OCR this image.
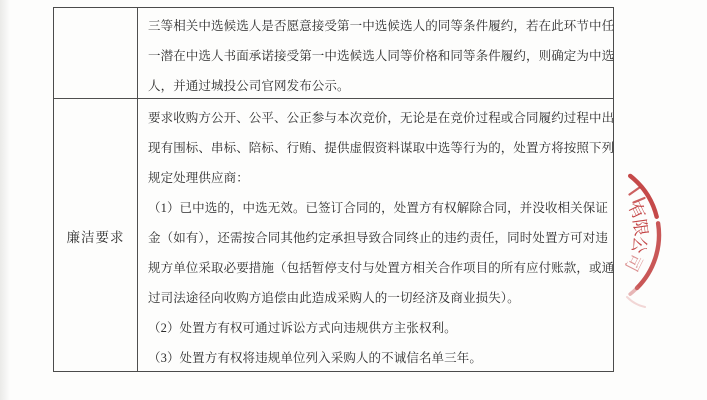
三等相关中选候选人是否愿意接受第一中选候选人的同等条件履约，若在此环节中任
一潜在中选人书面承诺接受第一中选候选人同等价格和同等条件履约，则确定为中选
人，并通过城投公司官网发布公示。
廉洁要求
要求收购方公开、公平、公正参与本次竞价，无论是在竞价过程或合同履约过程中出
现有围标、串标、陪标、行贿、提供虚假资料谋取中选等行为的，处置方将按照下列
规定处理供应商：
（1）已中选的，中选无效。已签订合同的，处置方有权解除合同，并没收相关保证
金（如有），还需按合同其他约定承担导致合同终止的违约责任，同时处置方可对违
规方单位采取必要措施（包括暂停支付与处置方相关合作项目的所有应付账款，或通
过司法途径向收购方追偿由此造成采购人的一切经济及商业损失）。
（2）处置方有权可通过诉讼方式向违规供方主张权利。
（3）处置方有权将违规单位列入采购人的不诚信名单三年。
有
限
公
司
